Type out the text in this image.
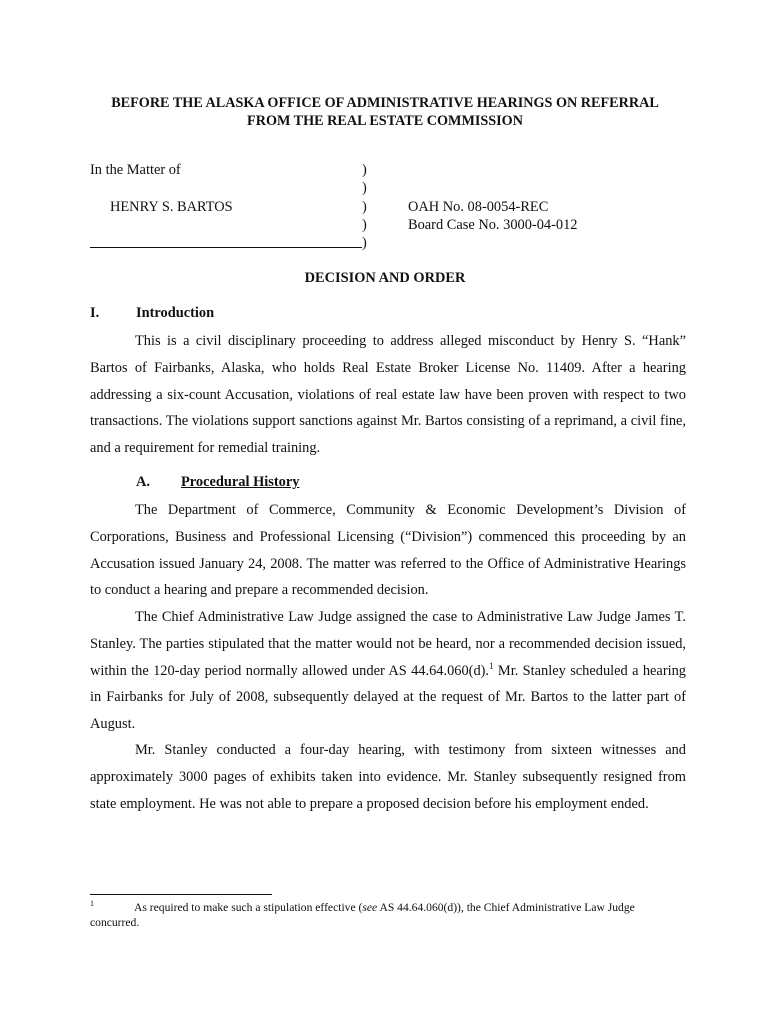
BEFORE THE ALASKA OFFICE OF ADMINISTRATIVE HEARINGS ON REFERRAL
FROM THE REAL ESTATE COMMISSION
In the Matter of
HENRY S. BARTOS
)
)
)
)
)
OAH No. 08-0054-REC
Board Case No. 3000-04-012
DECISION AND ORDER
I.	Introduction

This is a civil disciplinary proceeding to address alleged misconduct by Henry S. “Hank” Bartos of Fairbanks, Alaska, who holds Real Estate Broker License No. 11409. After a hearing addressing a six-count Accusation, violations of real estate law have been proven with respect to two transactions. The violations support sanctions against Mr. Bartos consisting of a reprimand, a civil fine, and a requirement for remedial training.

A. Procedural History

The Department of Commerce, Community & Economic Development’s Division of Corporations, Business and Professional Licensing (“Division”) commenced this proceeding by an Accusation issued January 24, 2008. The matter was referred to the Office of Administrative Hearings to conduct a hearing and prepare a recommended decision.

The Chief Administrative Law Judge assigned the case to Administrative Law Judge James T. Stanley. The parties stipulated that the matter would not be heard, nor a recommended decision issued, within the 120-day period normally allowed under AS 44.64.060(d).$^1$ Mr. Stanley scheduled a hearing in Fairbanks for July of 2008, subsequently delayed at the request of Mr. Bartos to the latter part of August.

Mr. Stanley conducted a four-day hearing, with testimony from sixteen witnesses and approximately 3000 pages of exhibits taken into evidence. Mr. Stanley subsequently resigned from state employment. He was not able to prepare a proposed decision before his employment ended.

$^1$	As required to make such a stipulation effective (see AS 44.64.060(d)), the Chief Administrative Law Judge concurred.
